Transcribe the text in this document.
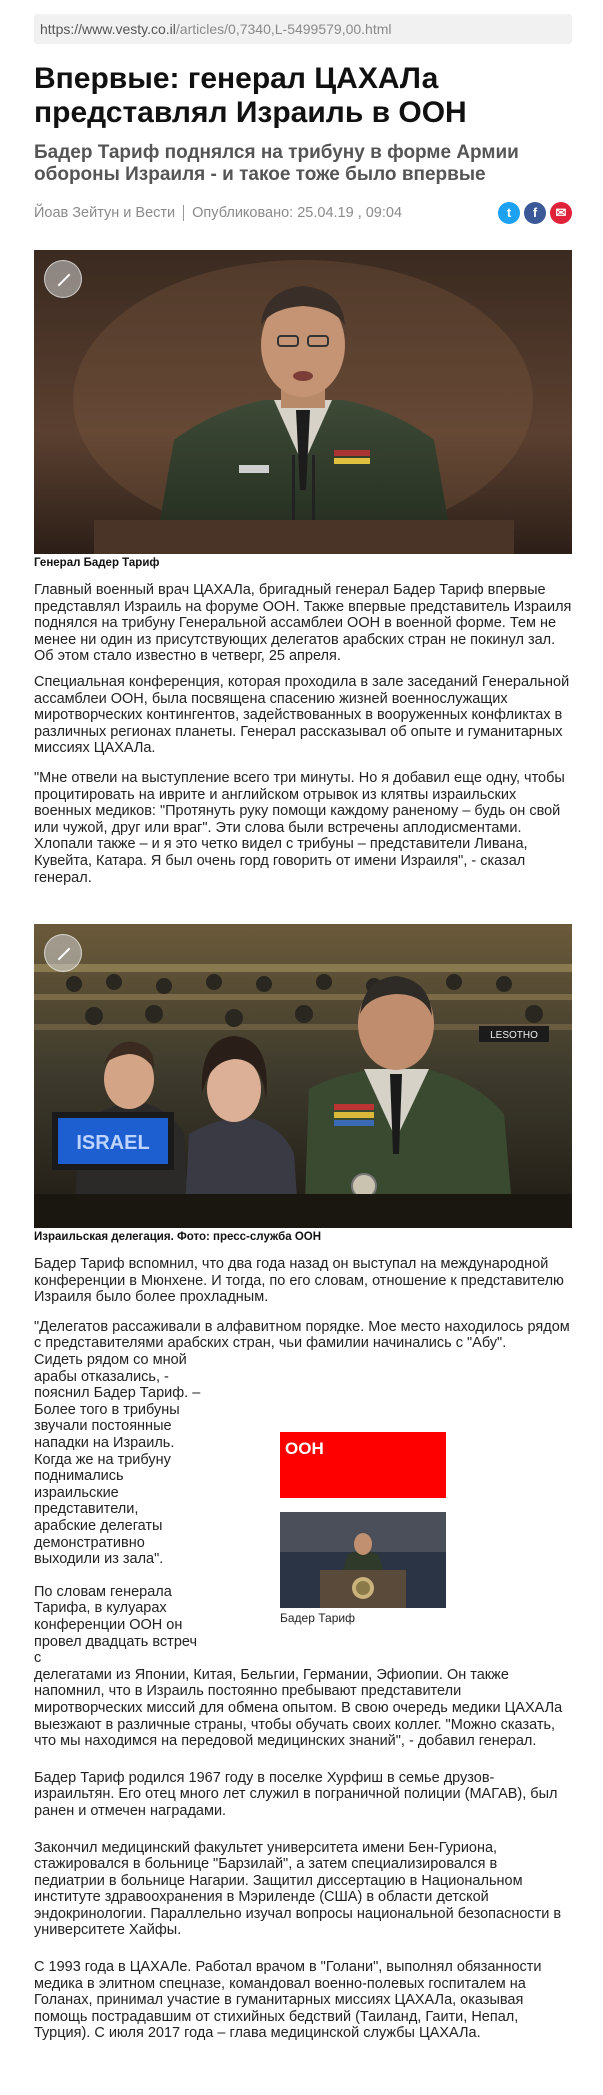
https://www.vesty.co.il/articles/0,7340,L-5499579,00.html
Впервые: генерал ЦАХАЛа представлял Израиль в ООН
Бадер Тариф поднялся на трибуну в форме Армии обороны Израиля - и такое тоже было впервые
Йоав Зейтун и Вести Опубликовано: 25.04.19 , 09:04	t	f	✉
Генерал Бадер Тариф

Главный военный врач ЦАХАЛа, бригадный генерал Бадер Тариф впервые представлял Израиль на форуме ООН. Также впервые представитель Израиля поднялся на трибуну Генеральной ассамблеи ООН в военной форме. Тем не менее ни один из присутствующих делегатов арабских стран не покинул зал. Об этом стало известно в четверг, 25 апреля.

Специальная конференция, которая проходила в зале заседаний Генеральной ассамблеи ООН, была посвящена спасению жизней военнослужащих миротворческих контингентов, задействованных в вооруженных конфликтах в различных регионах планеты. Генерал рассказывал об опыте и гуманитарных миссиях ЦАХАЛа.

"Мне отвели на выступление всего три минуты. Но я добавил еще одну, чтобы процитировать на иврите и английском отрывок из клятвы израильских военных медиков: "Протянуть руку помощи каждому раненому – будь он свой или чужой, друг или враг". Эти слова были встречены аплодисментами. Хлопали также – и я это четко видел с трибуны – представители Ливана, Кувейта, Катара. Я был очень горд говорить от имени Израиля", - сказал генерал.

LESOTHO
ISRAEL
Израильская делегация. Фото: пресс-служба ООН

Бадер Тариф вспомнил, что два года назад он выступал на международной конференции в Мюнхене. И тогда, по его словам, отношение к представителю Израиля было более прохладным.

"Делегатов рассаживали в алфавитном порядке. Мое место находилось рядом с представителями арабских стран, чьи фамилии начинались с "Абу".

Сидеть рядом со мной арабы отказались, - пояснил Бадер Тариф. – Более того в трибуны звучали постоянные нападки на Израиль. Когда же на трибуну поднимались израильские представители, арабские делегаты демонстративно выходили из зала".

По словам генерала Тарифа, в кулуарах конференции ООН он провел двадцать встреч с

делегатами из Японии, Китая, Бельгии, Германии, Эфиопии. Он также напомнил, что в Израиль постоянно пребывают представители миротворческих миссий для обмена опытом. В свою очередь медики ЦАХАЛа выезжают в различные страны, чтобы обучать своих коллег. "Можно сказать, что мы находимся на передовой медицинских знаний", - добавил генерал.

Бадер Тариф родился 1967 году в поселке Хурфиш в семье друзов-израильтян. Его отец много лет служил в пограничной полиции (МАГАВ), был ранен и отмечен наградами.

Закончил медицинский факультет университета имени Бен-Гуриона, стажировался в больнице "Барзилай", а затем специализировался в педиатрии в больнице Нагарии. Защитил диссертацию в Национальном институте здравоохранения в Мэриленде (США) в области детской эндокринологии. Параллельно изучал вопросы национальной безопасности в университете Хайфы.

С 1993 года в ЦАХАЛе. Работал врачом в "Голани", выполнял обязанности медика в элитном спецназе, командовал военно-полевых госпиталем на Голанах, принимал участие в гуманитарных миссиях ЦАХАЛа, оказывая помощь пострадавшим от стихийных бедствий (Таиланд, Гаити, Непал, Турция). С июля 2017 года – глава медицинской службы ЦАХАЛа.

ООН
Бадер Тариф
